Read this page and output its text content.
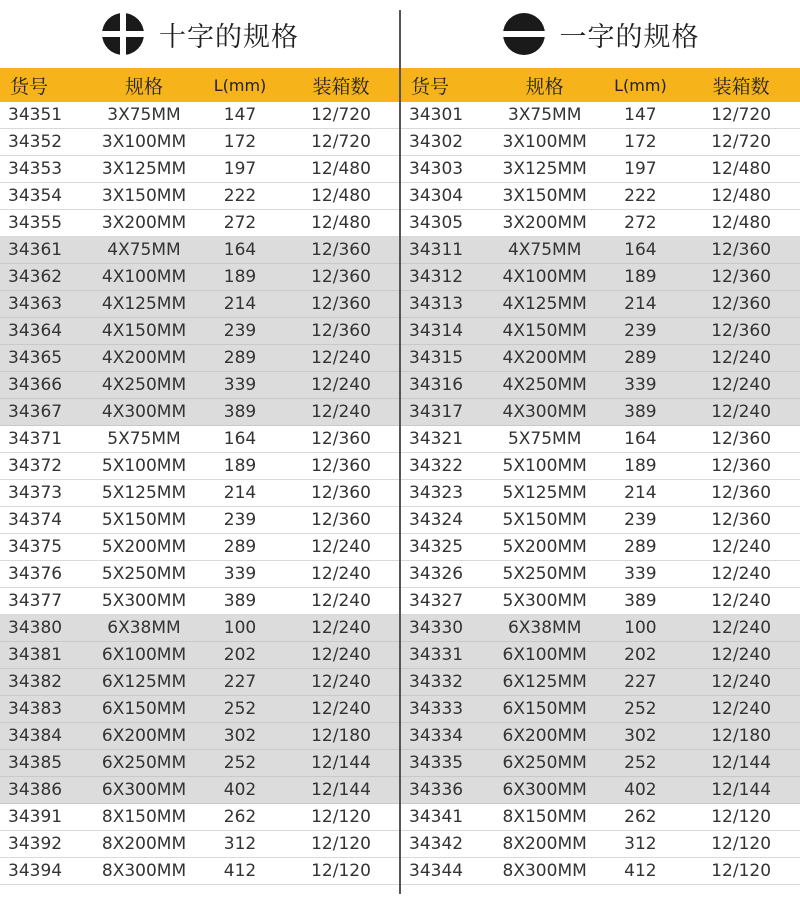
十字的规格
货号	规格	L(mm)	装箱数
34351	3X75MM	147	12/720
34352	3X100MM	172	12/720
34353	3X125MM	197	12/480
34354	3X150MM	222	12/480
34355	3X200MM	272	12/480
34361	4X75MM	164	12/360
34362	4X100MM	189	12/360
34363	4X125MM	214	12/360
34364	4X150MM	239	12/360
34365	4X200MM	289	12/240
34366	4X250MM	339	12/240
34367	4X300MM	389	12/240
34371	5X75MM	164	12/360
34372	5X100MM	189	12/360
34373	5X125MM	214	12/360
34374	5X150MM	239	12/360
34375	5X200MM	289	12/240
34376	5X250MM	339	12/240
34377	5X300MM	389	12/240
34380	6X38MM	100	12/240
34381	6X100MM	202	12/240
34382	6X125MM	227	12/240
34383	6X150MM	252	12/240
34384	6X200MM	302	12/180
34385	6X250MM	252	12/144
34386	6X300MM	402	12/144
34391	8X150MM	262	12/120
34392	8X200MM	312	12/120
34394	8X300MM	412	12/120
一字的规格
货号	规格	L(mm)	装箱数
34301	3X75MM	147	12/720
34302	3X100MM	172	12/720
34303	3X125MM	197	12/480
34304	3X150MM	222	12/480
34305	3X200MM	272	12/480
34311	4X75MM	164	12/360
34312	4X100MM	189	12/360
34313	4X125MM	214	12/360
34314	4X150MM	239	12/360
34315	4X200MM	289	12/240
34316	4X250MM	339	12/240
34317	4X300MM	389	12/240
34321	5X75MM	164	12/360
34322	5X100MM	189	12/360
34323	5X125MM	214	12/360
34324	5X150MM	239	12/360
34325	5X200MM	289	12/240
34326	5X250MM	339	12/240
34327	5X300MM	389	12/240
34330	6X38MM	100	12/240
34331	6X100MM	202	12/240
34332	6X125MM	227	12/240
34333	6X150MM	252	12/240
34334	6X200MM	302	12/180
34335	6X250MM	252	12/144
34336	6X300MM	402	12/144
34341	8X150MM	262	12/120
34342	8X200MM	312	12/120
34344	8X300MM	412	12/120
